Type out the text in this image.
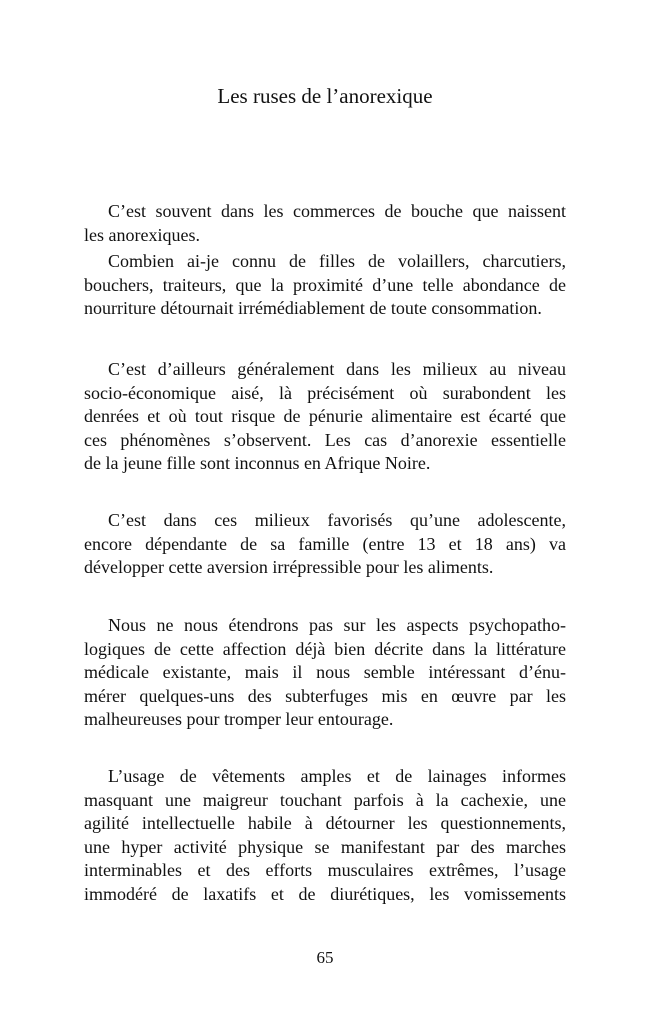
Les ruses de l’anorexique
C’est souvent dans les commerces de bouche que naissent
les anorexiques.
Combien ai-je connu de filles de volaillers, charcutiers,
bouchers, traiteurs, que la proximité d’une telle abondance de
nourriture détournait irrémédiablement de toute consommation.
C’est d’ailleurs généralement dans les milieux au niveau
socio-économique aisé, là précisément où surabondent les
denrées et où tout risque de pénurie alimentaire est écarté que
ces phénomènes s’observent. Les cas d’anorexie essentielle
de la jeune fille sont inconnus en Afrique Noire.
C’est dans ces milieux favorisés qu’une adolescente,
encore dépendante de sa famille (entre 13 et 18 ans) va
développer cette aversion irrépressible pour les aliments.
Nous ne nous étendrons pas sur les aspects psychopatho-
logiques de cette affection déjà bien décrite dans la littérature
médicale existante, mais il nous semble intéressant d’énu-
mérer quelques-uns des subterfuges mis en œuvre par les
malheureuses pour tromper leur entourage.
L’usage de vêtements amples et de lainages informes
masquant une maigreur touchant parfois à la cachexie, une
agilité intellectuelle habile à détourner les questionnements,
une hyper activité physique se manifestant par des marches
interminables et des efforts musculaires extrêmes, l’usage
immodéré de laxatifs et de diurétiques, les vomissements
65
